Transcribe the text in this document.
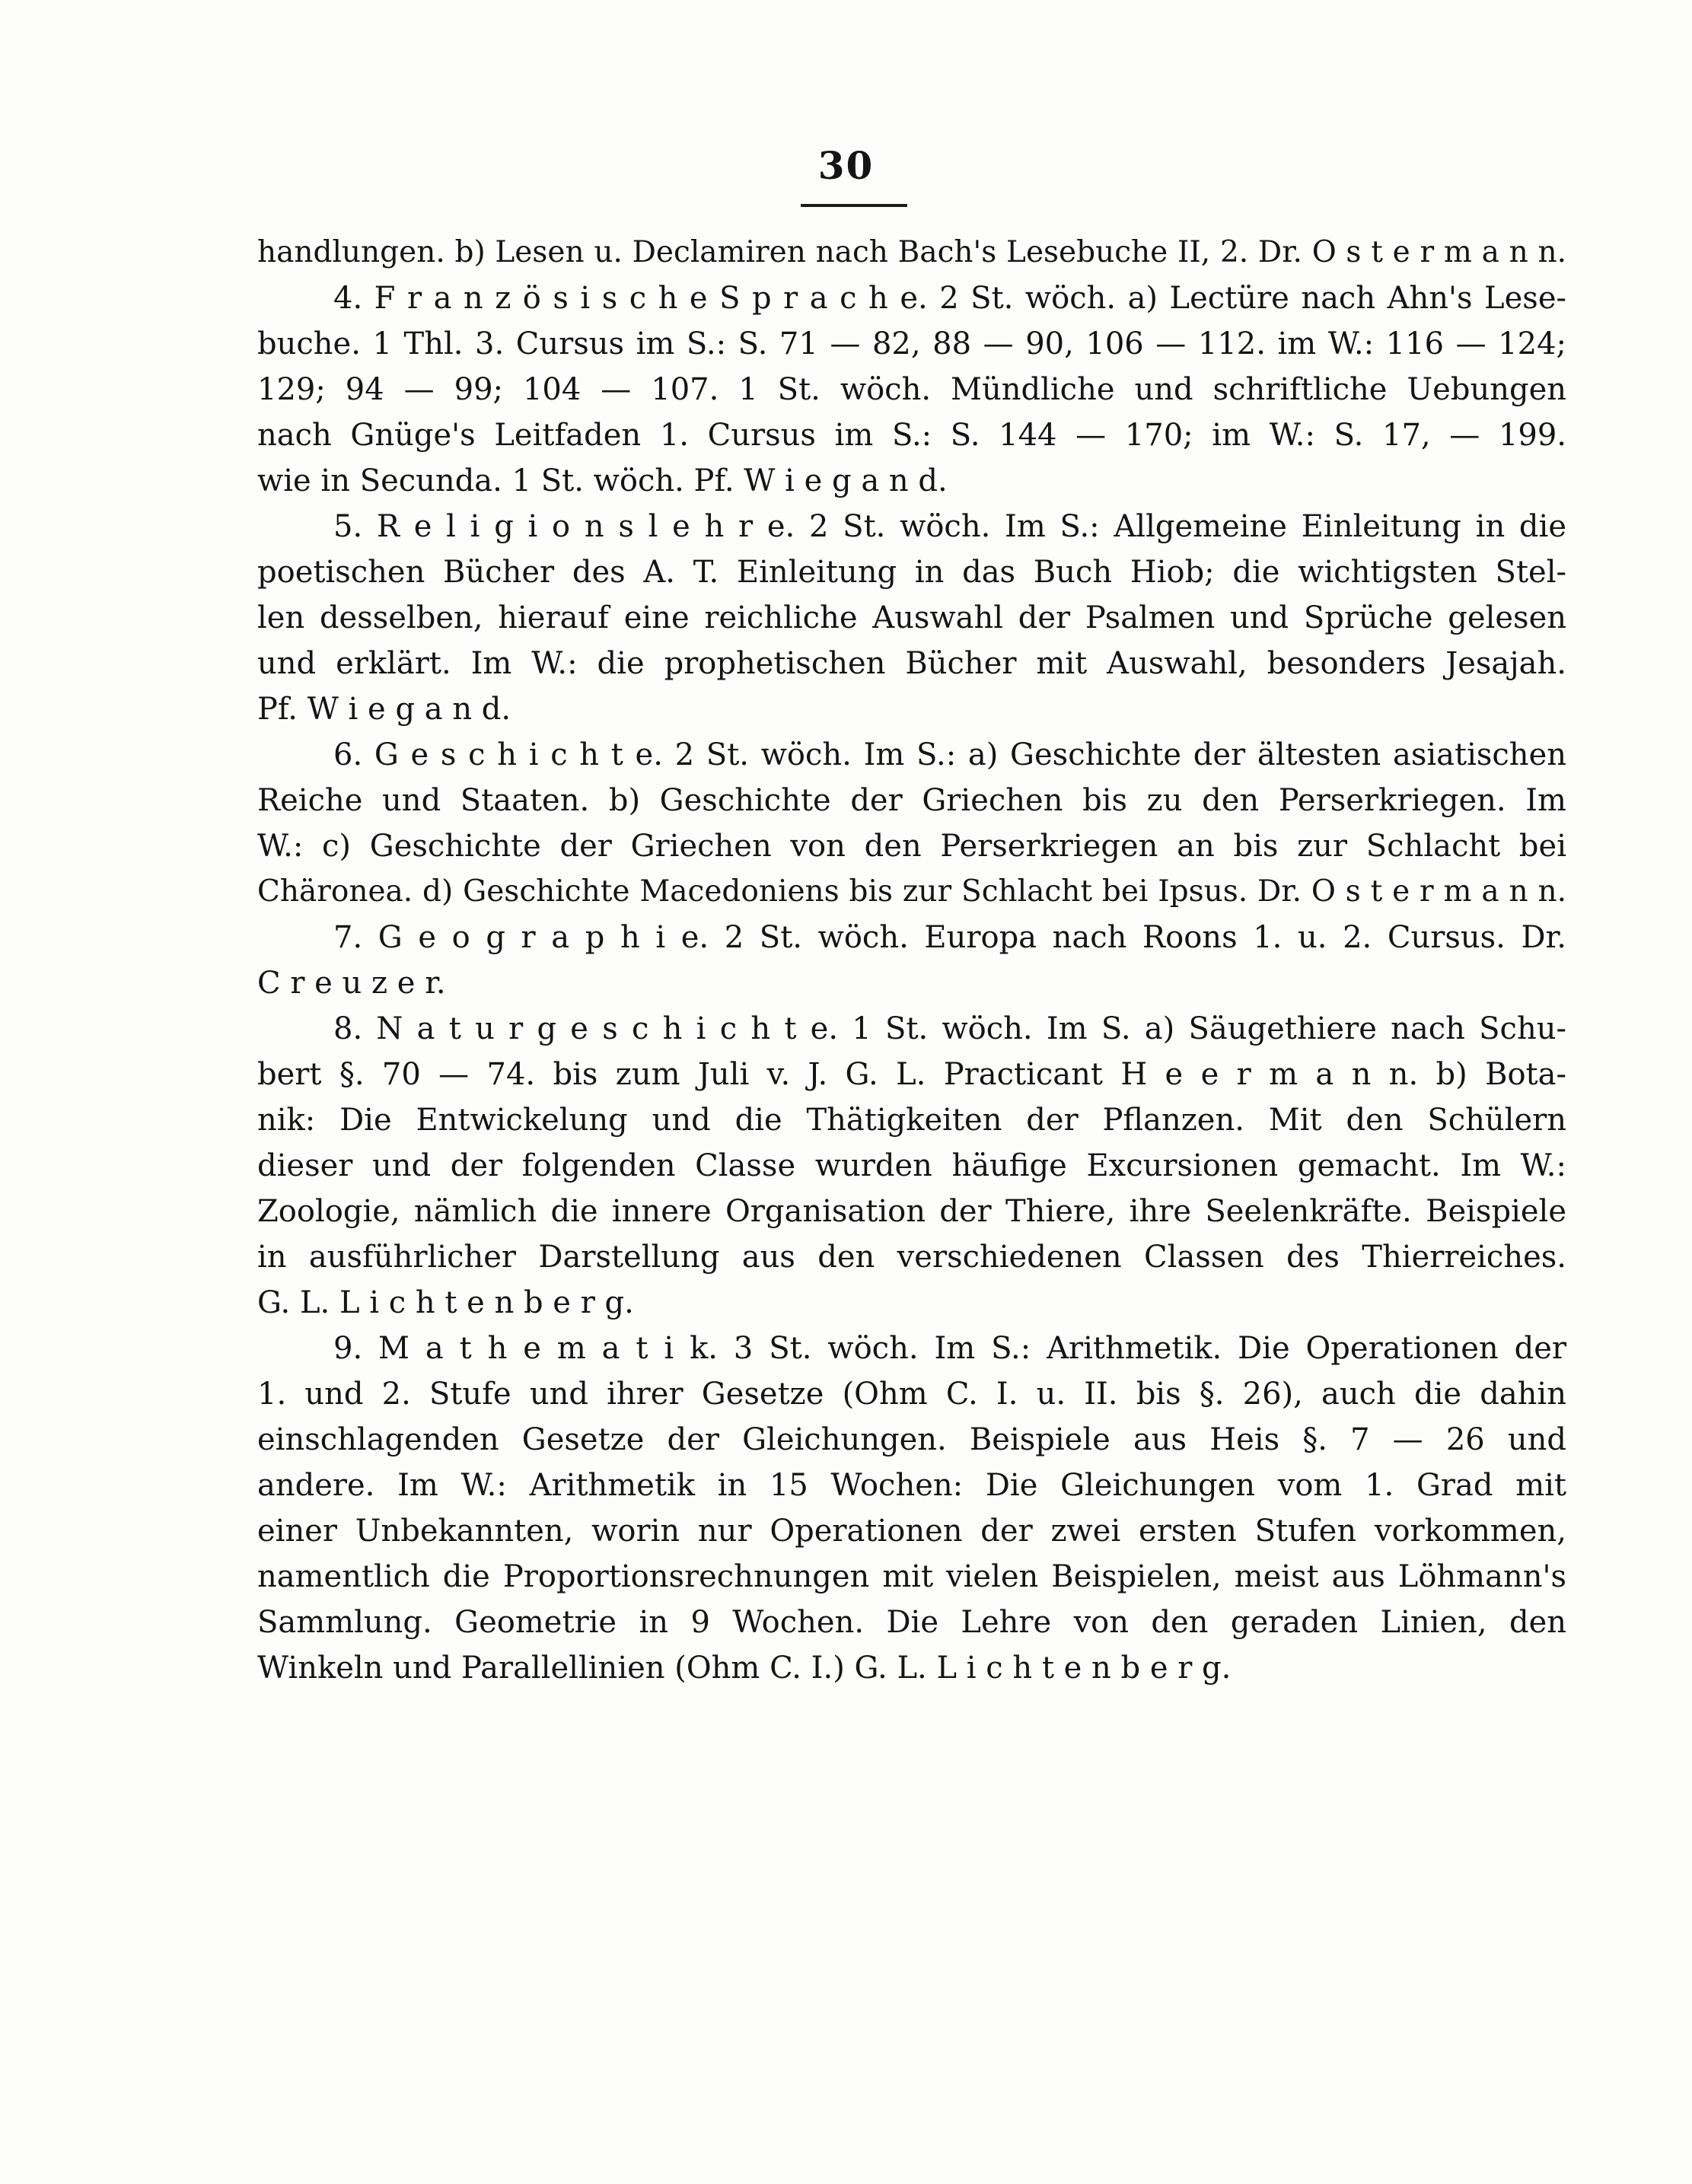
30
handlungen. b) Lesen u. Declamiren nach Bach's Lesebuche II, 2. Dr. O s t e r m a n n.
4. F r a n z ö s i s c h e S p r a c h e. 2 St. wöch. a) Lectüre nach Ahn's Lese-
buche. 1 Thl. 3. Cursus im S.: S. 71 — 82, 88 — 90, 106 — 112. im W.: 116 — 124;
129; 94 — 99; 104 — 107. 1 St. wöch. Mündliche und schriftliche Uebungen
nach Gnüge's Leitfaden 1. Cursus im S.: S. 144 — 170; im W.: S. 17, — 199.
wie in Secunda. 1 St. wöch. Pf. W i e g a n d.
5. R e l i g i o n s l e h r e. 2 St. wöch. Im S.: Allgemeine Einleitung in die
poetischen Bücher des A. T. Einleitung in das Buch Hiob; die wichtigsten Stel-
len desselben, hierauf eine reichliche Auswahl der Psalmen und Sprüche gelesen
und erklärt. Im W.: die prophetischen Bücher mit Auswahl, besonders Jesajah.
Pf. W i e g a n d.
6. G e s c h i c h t e. 2 St. wöch. Im S.: a) Geschichte der ältesten asiatischen
Reiche und Staaten. b) Geschichte der Griechen bis zu den Perserkriegen. Im
W.: c) Geschichte der Griechen von den Perserkriegen an bis zur Schlacht bei
Chäronea. d) Geschichte Macedoniens bis zur Schlacht bei Ipsus. Dr. O s t e r m a n n.
7. G e o g r a p h i e. 2 St. wöch. Europa nach Roons 1. u. 2. Cursus. Dr.
C r e u z e r.
8. N a t u r g e s c h i c h t e. 1 St. wöch. Im S. a) Säugethiere nach Schu-
bert §. 70 — 74. bis zum Juli v. J. G. L. Practicant H e e r m a n n. b) Bota-
nik: Die Entwickelung und die Thätigkeiten der Pflanzen. Mit den Schülern
dieser und der folgenden Classe wurden häufige Excursionen gemacht. Im W.:
Zoologie, nämlich die innere Organisation der Thiere, ihre Seelenkräfte. Beispiele
in ausführlicher Darstellung aus den verschiedenen Classen des Thierreiches.
G. L. L i c h t e n b e r g.
9. M a t h e m a t i k. 3 St. wöch. Im S.: Arithmetik. Die Operationen der
1. und 2. Stufe und ihrer Gesetze (Ohm C. I. u. II. bis §. 26), auch die dahin
einschlagenden Gesetze der Gleichungen. Beispiele aus Heis §. 7 — 26 und
andere. Im W.: Arithmetik in 15 Wochen: Die Gleichungen vom 1. Grad mit
einer Unbekannten, worin nur Operationen der zwei ersten Stufen vorkommen,
namentlich die Proportionsrechnungen mit vielen Beispielen, meist aus Löhmann's
Sammlung. Geometrie in 9 Wochen. Die Lehre von den geraden Linien, den
Winkeln und Parallellinien (Ohm C. I.) G. L. L i c h t e n b e r g.
